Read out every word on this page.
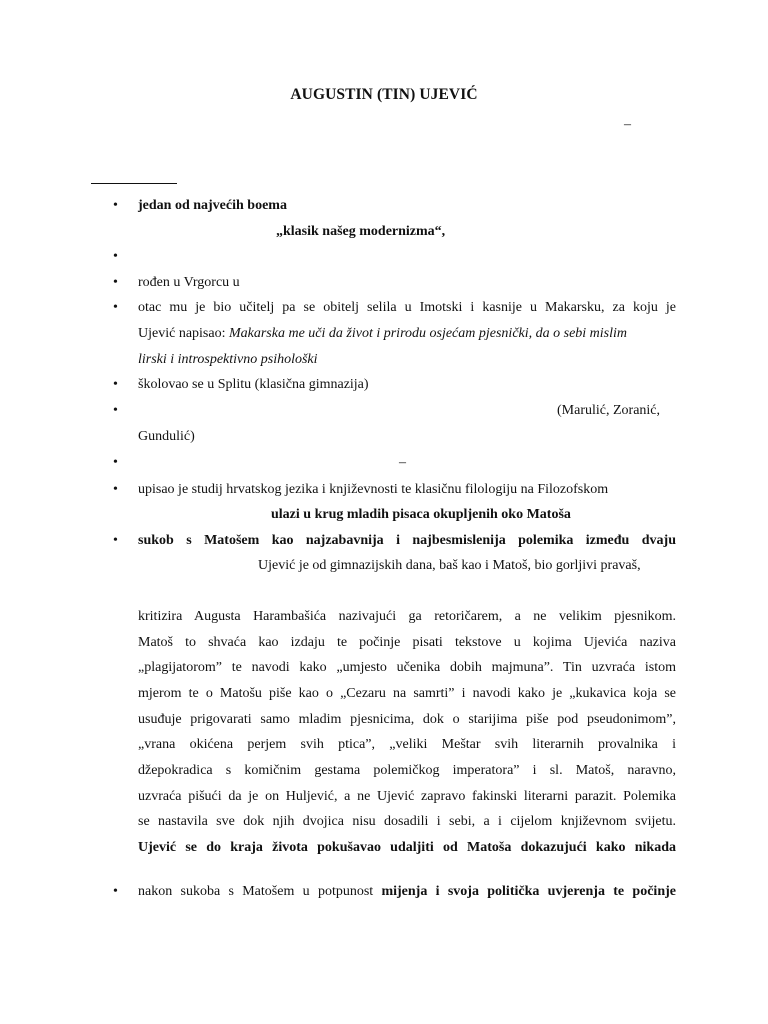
AUGUSTIN (TIN) UJEVIĆ
–
•
•
•
•
•
•
•
•
•
•
jedan od najvećih boema
„klasik našeg modernizma“,
rođen u Vrgorcu u
otac mu je bio učitelj pa se obitelj selila u Imotski i kasnije u Makarsku, za koju je
Ujević napisao: Makarska me uči da život i prirodu osjećam pjesnički, da o sebi mislim
lirski i introspektivno psihološki
školovao se u Splitu (klasična gimnazija)
(Marulić, Zoranić,
Gundulić)
–
upisao je studij hrvatskog jezika i književnosti te klasičnu filologiju na Filozofskom
ulazi u krug mladih pisaca okupljenih oko Matoša
sukob s Matošem kao najzabavnija i najbesmislenija polemika između dvaju
Ujević je od gimnazijskih dana, baš kao i Matoš, bio gorljivi pravaš,
kritizira Augusta Harambašića nazivajući ga retoričarem, a ne velikim pjesnikom.
Matoš to shvaća kao izdaju te počinje pisati tekstove u kojima Ujevića naziva
„plagijatorom” te navodi kako „umjesto učenika dobih majmuna”. Tin uzvraća istom
mjerom te o Matošu piše kao o „Cezaru na samrti” i navodi kako je „kukavica koja se
usuđuje prigovarati samo mladim pjesnicima, dok o starijima piše pod pseudonimom”,
„vrana okićena perjem svih ptica”, „veliki Meštar svih literarnih provalnika i
džepokradica s komičnim gestama polemičkog imperatora” i sl. Matoš, naravno,
uzvraća pišući da je on Huljević, a ne Ujević zapravo fakinski literarni parazit. Polemika
se nastavila sve dok njih dvojica nisu dosadili i sebi, a i cijelom književnom svijetu.
Ujević se do kraja života pokušavao udaljiti od Matoša dokazujući kako nikada
nakon sukoba s Matošem u potpunost mijenja i svoja politička uvjerenja te počinje
